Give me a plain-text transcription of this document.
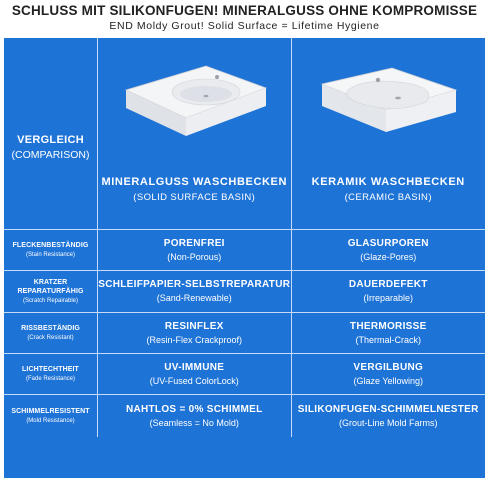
SCHLUSS MIT SILIKONFUGEN! MINERALGUSS OHNE KOMPROMISSE
END Moldy Grout! Solid Surface = Lifetime Hygiene
VERGLEICH
(COMPARISON)
MINERALGUSS WASCHBECKEN
(SOLID SURFACE BASIN)
KERAMIK WASCHBECKEN
(CERAMIC BASIN)
FLECKENBESTÄNDIG
(Stain Resistance)
PORENFREI
(Non-Porous)
GLASURPOREN
(Glaze-Pores)
KRATZER REPARATURFÄHIG
(Scratch Repairable)
SCHLEIFPAPIER-SELBSTREPARATUR
(Sand-Renewable)
DAUERDEFEKT
(Irreparable)
RISSBESTÄNDIG
(Crack Resistant)
RESINFLEX
(Resin-Flex Crackproof)
THERMORISSE
(Thermal-Crack)
LICHTECHTHEIT
(Fade Resistance)
UV-IMMUNE
(UV-Fused ColorLock)
VERGILBUNG
(Glaze Yellowing)
SCHIMMELRESISTENT
(Mold Resistance)
NAHTLOS = 0% SCHIMMEL
(Seamless = No Mold)
SILIKONFUGEN-SCHIMMELNESTER
(Grout-Line Mold Farms)
